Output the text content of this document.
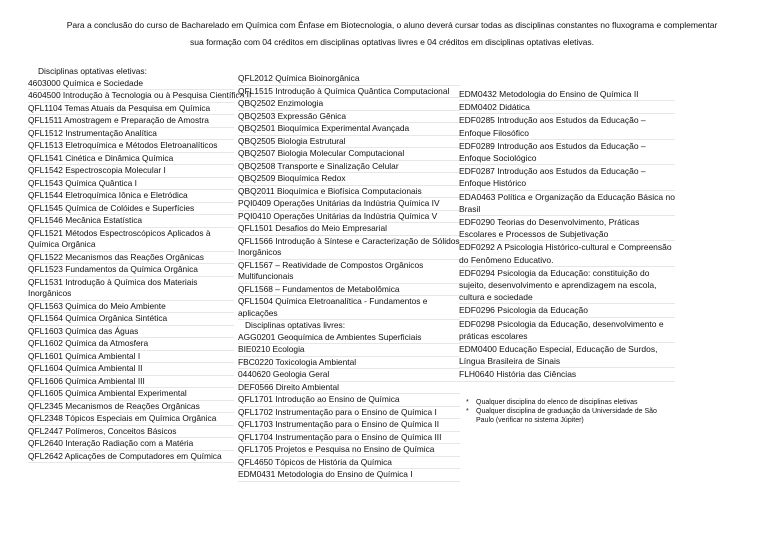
Para a conclusão do curso de Bacharelado em Química com Ênfase em Biotecnologia, o aluno deverá cursar todas as disciplinas constantes no fluxograma e complementar
sua formação com 04 créditos em disciplinas optativas livres e 04 créditos em disciplinas optativas eletivas.
Disciplinas optativas eletivas:
4603000 Química e Sociedade
4604500 Introdução à Tecnologia ou à Pesquisa Científica II
QFL1104 Temas Atuais da Pesquisa em Química
QFL1511 Amostragem e Preparação de Amostra
QFL1512 Instrumentação Analítica
QFL1513 Eletroquímica e Métodos Eletroanalíticos
QFL1541 Cinética e Dinâmica Química
QFL1542 Espectroscopia Molecular I
QFL1543 Química Quântica I
QFL1544 Eletroquímica Iônica e Eletródica
QFL1545 Química de Colóides e Superfícies
QFL1546 Mecânica Estatística
QFL1521 Métodos Espectroscópicos Aplicados à Química Orgânica
QFL1522 Mecanismos das Reações Orgânicas
QFL1523 Fundamentos da Química Orgânica
QFL1531 Introdução à Química dos Materiais Inorgânicos
QFL1563 Química do Meio Ambiente
QFL1564 Química Orgânica Sintética
QFL1603 Química das Águas
QFL1602 Química da Atmosfera
QFL1601 Química Ambiental I
QFL1604 Química Ambiental II
QFL1606 Química Ambiental III
QFL1605 Química Ambiental Experimental
QFL2345 Mecanismos de Reações Orgânicas
QFL2348 Tópicos Especiais em Química Orgânica
QFL2447 Polímeros, Conceitos Básicos
QFL2640 Interação Radiação com a Matéria
QFL2642 Aplicações de Computadores em Química
QFL2012 Química Bioinorgânica
QFL1515 Introdução à Química Quântica Computacional
QBQ2502 Enzimologia
QBQ2503 Expressão Gênica
QBQ2501 Bioquímica Experimental Avançada
QBQ2505 Biologia Estrutural
QBQ2507 Biologia Molecular Computacional
QBQ2508 Transporte e Sinalização Celular
QBQ2509 Bioquímica Redox
QBQ2011 Bioquímica e Biofísica Computacionais
PQI0409 Operações Unitárias da Indústria Química IV
PQI0410 Operações Unitárias da Indústria Química V
QFL1501 Desafios do Meio Empresarial
QFL1566 Introdução à Síntese e Caracterização de Sólidos Inorgânicos
QFL1567 – Reatividade de Compostos Orgânicos Multifuncionais
QFL1568 – Fundamentos de Metabolômica
QFL1504 Química Eletroanalítica - Fundamentos e aplicações
Disciplinas optativas livres:
AGG0201 Geoquímica de Ambientes Superficiais
BIE0210 Ecologia
FBC0220 Toxicologia Ambiental
0440620 Geologia Geral
DEF0566 Direito Ambiental
QFL1701 Introdução ao Ensino de Química
QFL1702 Instrumentação para o Ensino de Química I
QFL1703 Instrumentação para o Ensino de Química II
QFL1704 Instrumentação para o Ensino de Química III
QFL1705 Projetos e Pesquisa no Ensino de Química
QFL4650 Tópicos de História da Química
EDM0431 Metodologia do Ensino de Química I
EDM0432 Metodologia do Ensino de Química II
EDM0402 Didática
EDF0285 Introdução aos Estudos da Educação – Enfoque Filosófico
EDF0289 Introdução aos Estudos da Educação – Enfoque Sociológico
EDF0287 Introdução aos Estudos da Educação – Enfoque Histórico
EDA0463 Política e Organização da Educação Básica no Brasil
EDF0290 Teorias do Desenvolvimento, Práticas Escolares e Processos de Subjetivação
EDF0292 A Psicologia Histórico-cultural e Compreensão do Fenômeno Educativo.
EDF0294 Psicologia da Educação: constituição do sujeito, desenvolvimento e aprendizagem na escola, cultura e sociedade
EDF0296 Psicologia da Educação
EDF0298 Psicologia da Educação, desenvolvimento e práticas escolares
EDM0400 Educação Especial, Educação de Surdos, Língua Brasileira de Sinais
FLH0640 História das Ciências
* Qualquer disciplina do elenco de disciplinas eletivas
* Qualquer disciplina de graduação da Universidade de São Paulo (verificar no sistema Júpiter)
